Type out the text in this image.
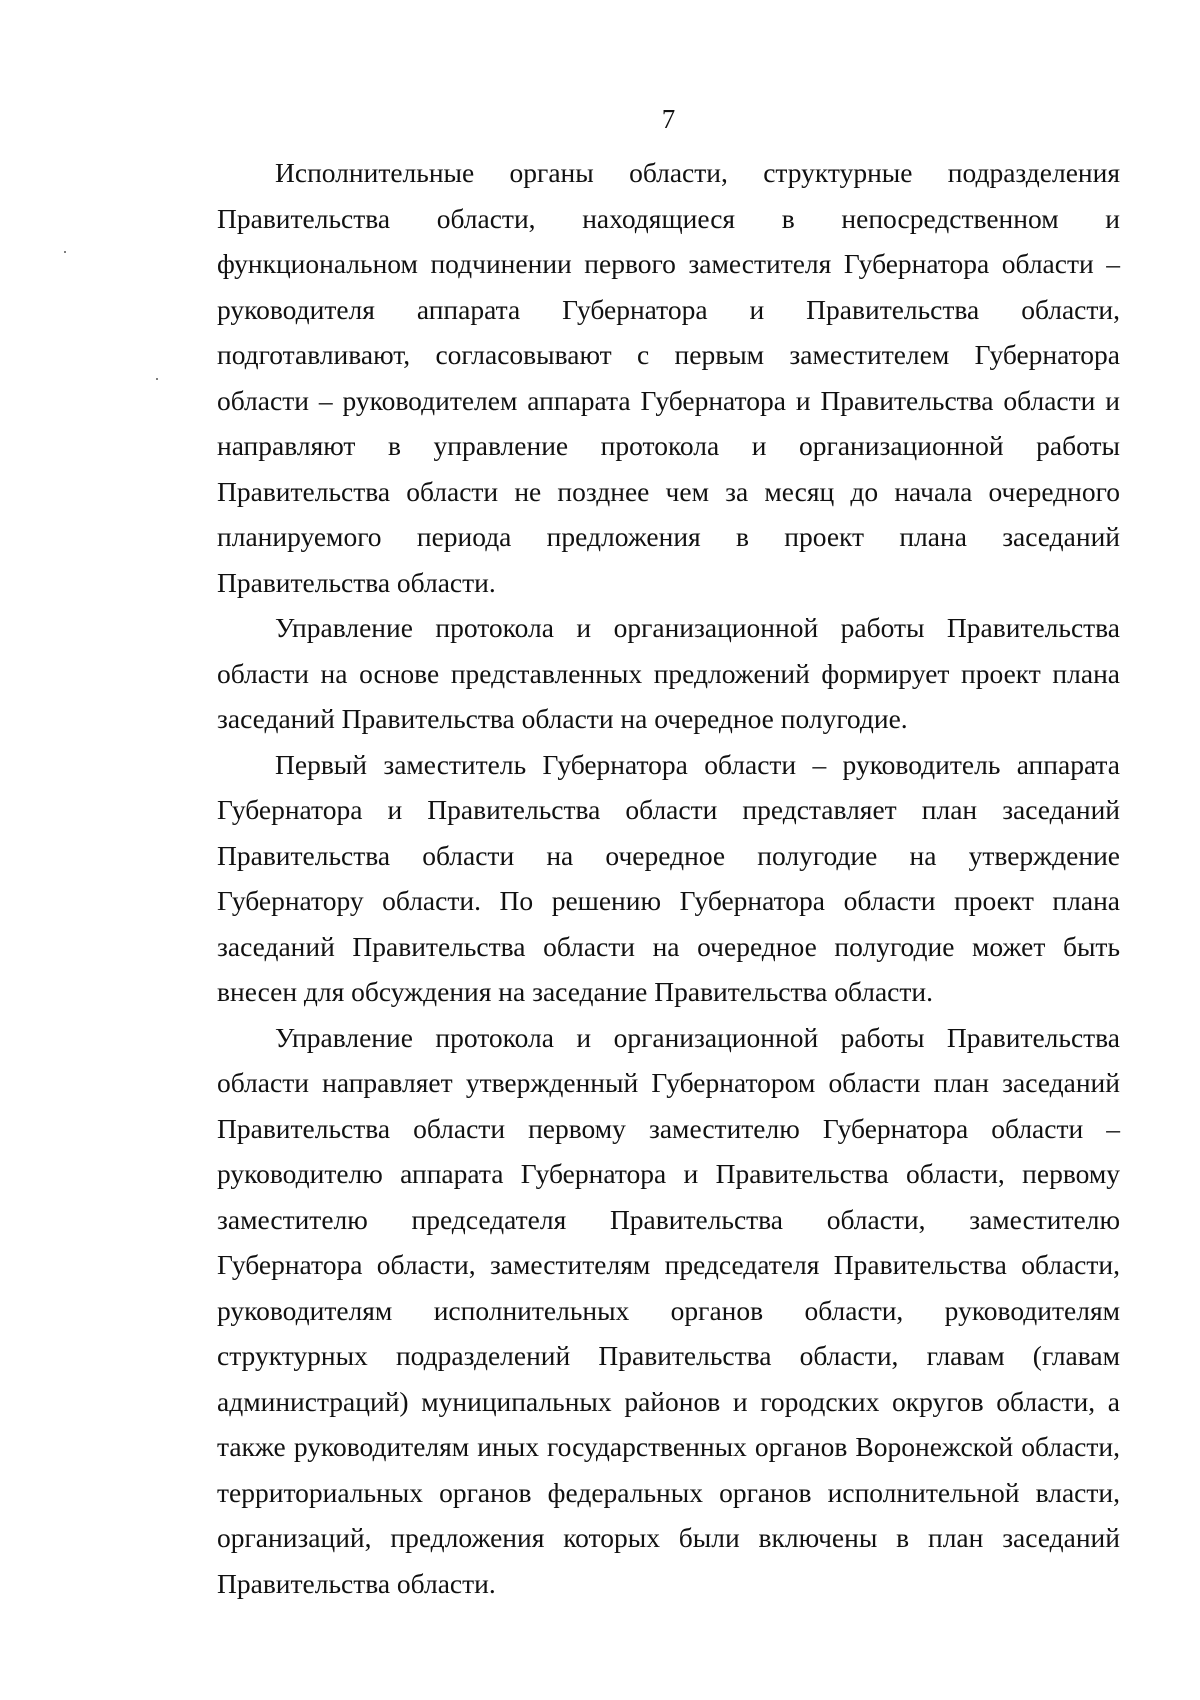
7

Исполнительные органы области, структурные подразделения Правительства области, находящиеся в непосредственном и функциональном подчинении первого заместителя Губернатора области – руководителя аппарата Губернатора и Правительства области, подготавливают, согласовывают с первым заместителем Губернатора области – руководителем аппарата Губернатора и Правительства области и направляют в управление протокола и организационной работы Правительства области не позднее чем за месяц до начала очередного планируемого периода предложения в проект плана заседаний Правительства области.

Управление протокола и организационной работы Правительства области на основе представленных предложений формирует проект плана заседаний Правительства области на очередное полугодие.

Первый заместитель Губернатора области – руководитель аппарата Губернатора и Правительства области представляет план заседаний Правительства области на очередное полугодие на утверждение Губернатору области. По решению Губернатора области проект плана заседаний Правительства области на очередное полугодие может быть внесен для обсуждения на заседание Правительства области.

Управление протокола и организационной работы Правительства области направляет утвержденный Губернатором области план заседаний Правительства области первому заместителю Губернатора области – руководителю аппарата Губернатора и Правительства области, первому заместителю председателя Правительства области, заместителю Губернатора области, заместителям председателя Правительства области, руководителям исполнительных органов области, руководителям структурных подразделений Правительства области, главам (главам администраций) муниципальных районов и городских округов области, а также руководителям иных государственных органов Воронежской области, территориальных органов федеральных органов исполнительной власти, организаций, предложения которых были включены в план заседаний Правительства области.
